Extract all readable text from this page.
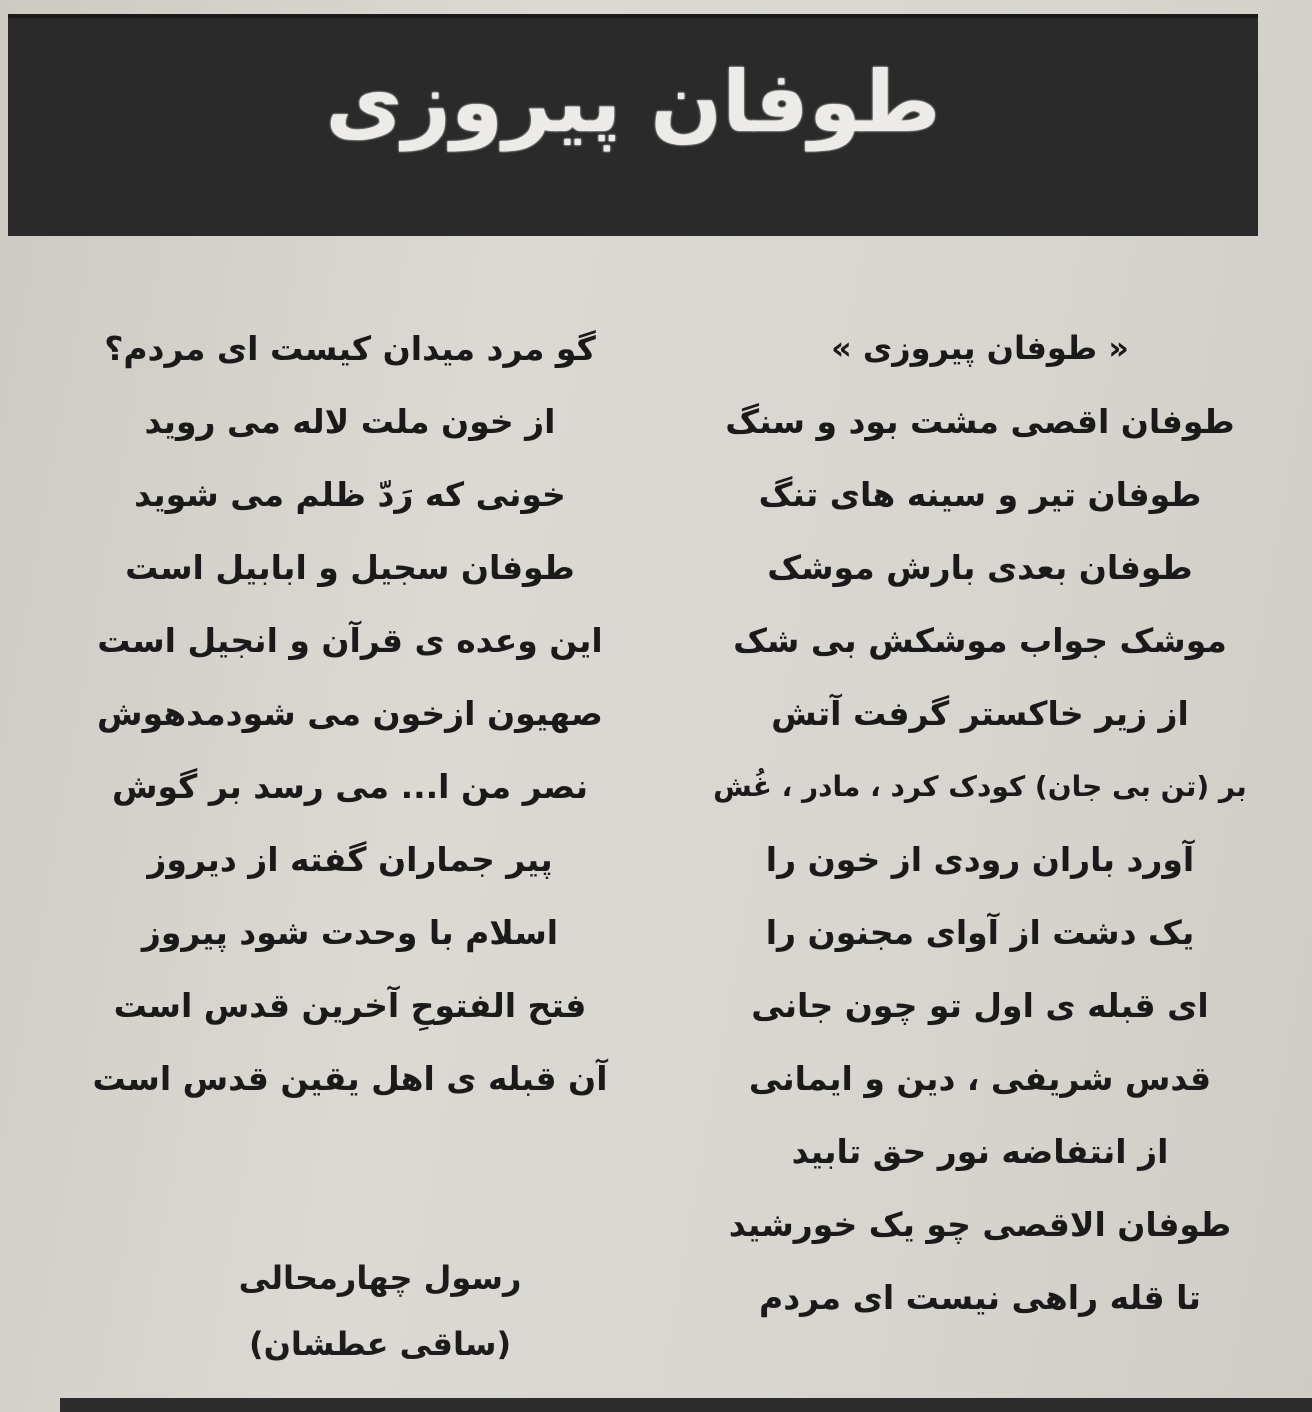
طوفان پیروزی
« طوفان پیروزی »
طوفان اقصی مشت بود و سنگ
طوفان تیر و سینه های تنگ
طوفان بعدی بارش موشک
موشک جواب موشکش بی شک
از زیر خاکستر گرفت آتش
بر (تن بی جان) کودک کرد ، مادر ، غُش
آورد باران رودی از خون را
یک دشت از آوای مجنون را
ای قبله ی اول تو چون جانی
قدس شریفی ، دین و ایمانی
از انتفاضه نور حق تابید
طوفان الاقصی چو یک خورشید
تا قله راهی نیست ای مردم
گو مرد میدان کیست ای مردم؟
از خون ملت لاله می روید
خونی که رَدّ ظلم می شوید
طوفان سجیل و ابابیل است
این وعده ی قرآن و انجیل است
صهیون ازخون می شودمدهوش
نصر من ا... می رسد بر گوش
پیر جماران گفته از دیروز
اسلام با وحدت شود پیروز
فتح الفتوحِ آخرین قدس است
آن قبله ی اهل یقین قدس است
رسول چهارمحالی
(ساقی عطشان)
